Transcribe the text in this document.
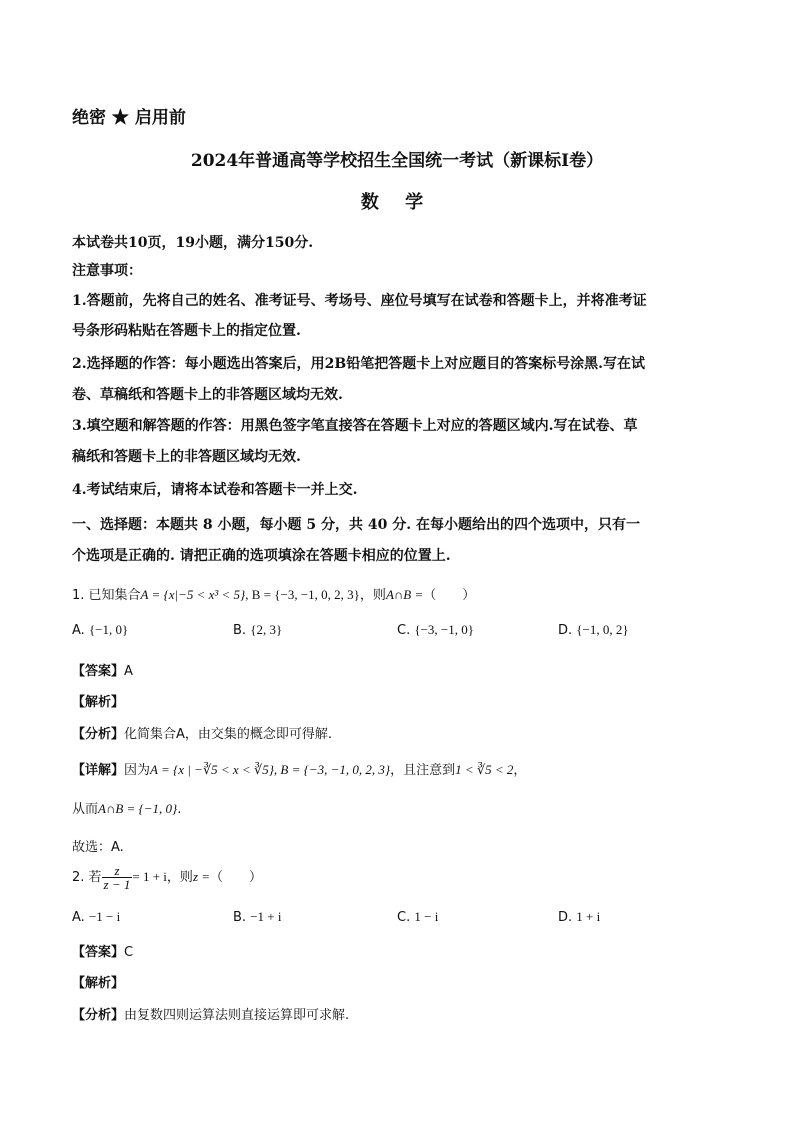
绝密 ★ 启用前
2024年普通高等学校招生全国统一考试（新课标I卷）
数 学
本试卷共10页，19小题，满分150分.
注意事项：
1.答题前，先将自己的姓名、准考证号、考场号、座位号填写在试卷和答题卡上，并将准考证
号条形码粘贴在答题卡上的指定位置.
2.选择题的作答：每小题选出答案后，用2B铅笔把答题卡上对应题目的答案标号涂黑.写在试
卷、草稿纸和答题卡上的非答题区域均无效.
3.填空题和解答题的作答：用黑色签字笔直接答在答题卡上对应的答题区域内.写在试卷、草
稿纸和答题卡上的非答题区域均无效.
4.考试结束后，请将本试卷和答题卡一并上交.
一、选择题：本题共 8 小题，每小题 5 分，共 40 分. 在每小题给出的四个选项中，只有一
个选项是正确的. 请把正确的选项填涂在答题卡相应的位置上.
1. 已知集合A = {x|−5 < x³ < 5}, B = {−3, −1, 0, 2, 3}，则A∩B =（　　）
A. {−1, 0}	B. {2, 3}	C. {−3, −1, 0}	D. {−1, 0, 2}
【答案】A
【解析】
【分析】化简集合A，由交集的概念即可得解.
【详解】因为A = {x | −∛5 < x < ∛5}, B = {−3, −1, 0, 2, 3}，且注意到1 < ∛5 < 2，
从而A∩B = {−1, 0}.
故选：A.
2. 若 $\frac{z}{z - 1} = 1 + i$，则z =（　　）
A. −1 − i	B. −1 + i	C. 1 − i	D. 1 + i
【答案】C
【解析】
【分析】由复数四则运算法则直接运算即可求解.
